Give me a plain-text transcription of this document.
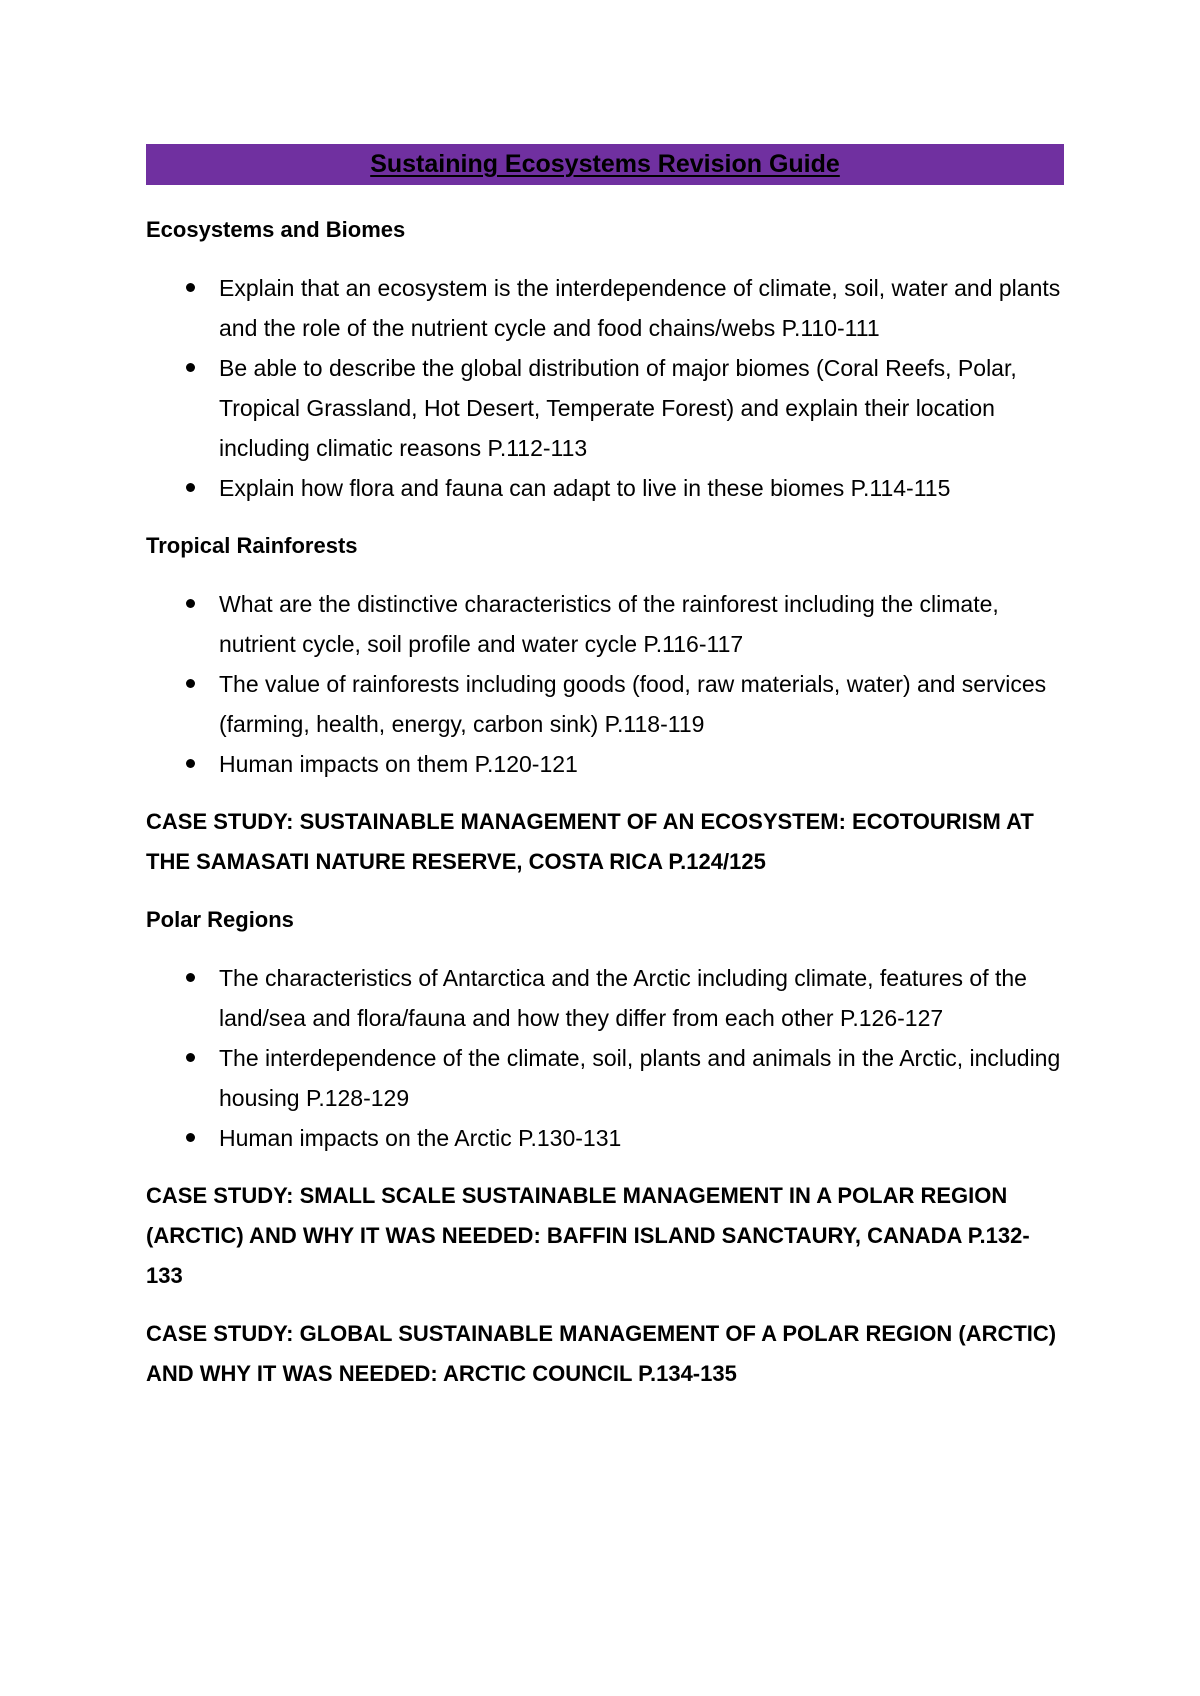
Sustaining Ecosystems Revision Guide
Ecosystems and Biomes
Explain that an ecosystem is the interdependence of climate, soil, water and plants and the role of the nutrient cycle and food chains/webs P.110-111
Be able to describe the global distribution of major biomes (Coral Reefs, Polar, Tropical Grassland, Hot Desert, Temperate Forest) and explain their location including climatic reasons P.112-113
Explain how flora and fauna can adapt to live in these biomes P.114-115
Tropical Rainforests
What are the distinctive characteristics of the rainforest including the climate, nutrient cycle, soil profile and water cycle P.116-117
The value of rainforests including goods (food, raw materials, water) and services (farming, health, energy, carbon sink) P.118-119
Human impacts on them P.120-121

CASE STUDY: SUSTAINABLE MANAGEMENT OF AN ECOSYSTEM: ECOTOURISM AT THE SAMASATI NATURE RESERVE, COSTA RICA P.124/125

Polar Regions
The characteristics of Antarctica and the Arctic including climate, features of the land/sea and flora/fauna and how they differ from each other P.126-127
The interdependence of the climate, soil, plants and animals in the Arctic, including housing P.128-129
Human impacts on the Arctic P.130-131

CASE STUDY: SMALL SCALE SUSTAINABLE MANAGEMENT IN A POLAR REGION (ARCTIC) AND WHY IT WAS NEEDED: BAFFIN ISLAND SANCTAURY, CANADA P.132-133

CASE STUDY: GLOBAL SUSTAINABLE MANAGEMENT OF A POLAR REGION (ARCTIC) AND WHY IT WAS NEEDED: ARCTIC COUNCIL P.134-135
